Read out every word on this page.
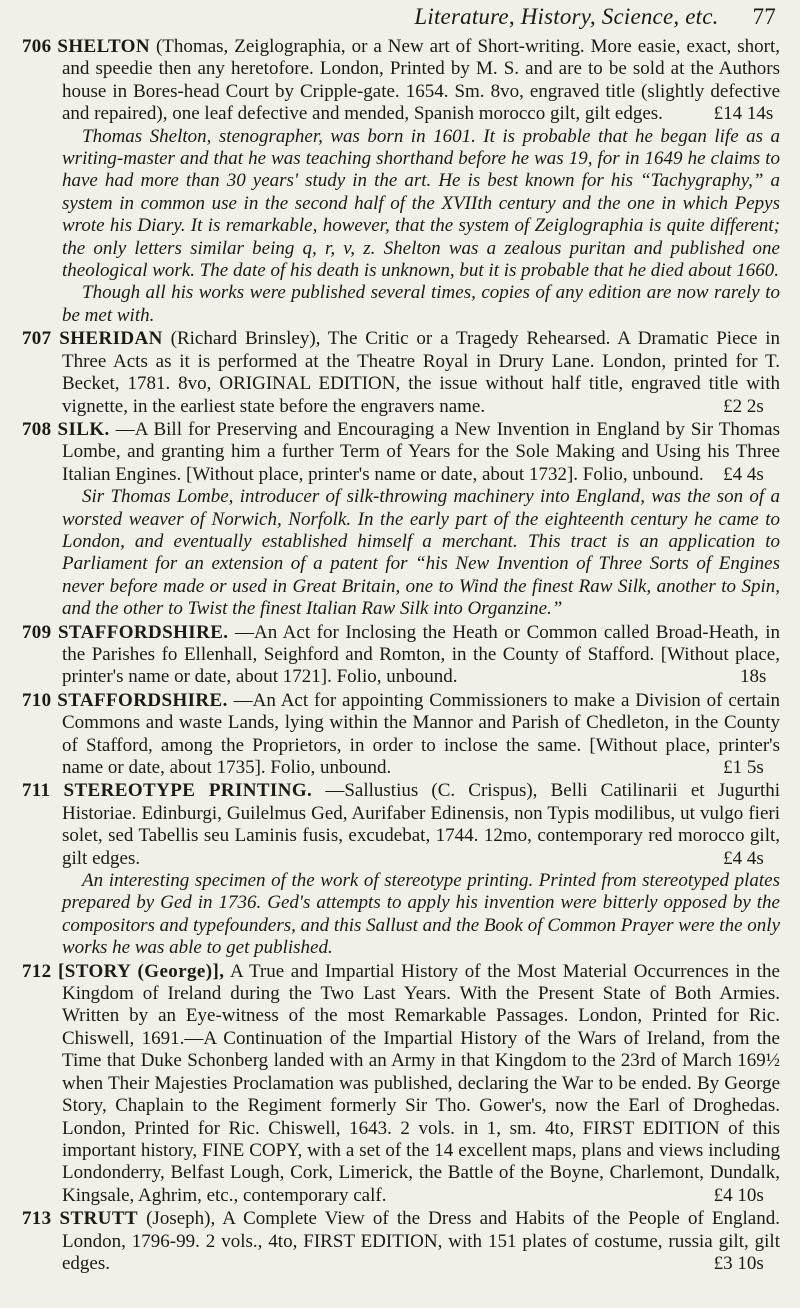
Literature, History, Science, etc. 77

706 SHELTON (Thomas, Zeiglographia, or a New art of Short-writing. More easie, exact, short, and speedie then any heretofore. London, Printed by M. S. and are to be sold at the Authors house in Bores-head Court by Cripple-gate. 1654. Sm. 8vo, engraved title (slightly defective and repaired), one leaf defective and mended, Spanish morocco gilt, gilt edges.	£14 14s

Thomas Shelton, stenographer, was born in 1601. It is probable that he began life as a writing-master and that he was teaching shorthand before he was 19, for in 1649 he claims to have had more than 30 years' study in the art. He is best known for his “Tachygraphy,” a system in common use in the second half of the XVIIth century and the one in which Pepys wrote his Diary. It is remarkable, however, that the system of Zeiglographia is quite different; the only letters similar being q, r, v, z. Shelton was a zealous puritan and published one theological work. The date of his death is unknown, but it is probable that he died about 1660.

Though all his works were published several times, copies of any edition are now rarely to be met with.

707 SHERIDAN (Richard Brinsley), The Critic or a Tragedy Rehearsed. A Dramatic Piece in Three Acts as it is performed at the Theatre Royal in Drury Lane. London, printed for T. Becket, 1781. 8vo, ORIGINAL EDITION, the issue without half title, engraved title with vignette, in the earliest state before the engravers name.	£2 2s

708 SILK. —A Bill for Preserving and Encouraging a New Invention in England by Sir Thomas Lombe, and granting him a further Term of Years for the Sole Making and Using his Three Italian Engines. [Without place, printer's name or date, about 1732]. Folio, unbound. £4 4s

Sir Thomas Lombe, introducer of silk-throwing machinery into England, was the son of a worsted weaver of Norwich, Norfolk. In the early part of the eighteenth century he came to London, and eventually established himself a merchant. This tract is an application to Parliament for an extension of a patent for “his New Invention of Three Sorts of Engines never before made or used in Great Britain, one to Wind the finest Raw Silk, another to Spin, and the other to Twist the finest Italian Raw Silk into Organzine.”

709 STAFFORDSHIRE. —An Act for Inclosing the Heath or Common called Broad-Heath, in the Parishes fo Ellenhall, Seighford and Romton, in the County of Stafford. [Without place, printer's name or date, about 1721]. Folio, unbound.	18s

710 STAFFORDSHIRE. —An Act for appointing Commissioners to make a Division of certain Commons and waste Lands, lying within the Mannor and Parish of Chedleton, in the County of Stafford, among the Proprietors, in order to inclose the same. [Without place, printer's name or date, about 1735]. Folio, unbound.	£1 5s

711 STEREOTYPE PRINTING. —Sallustius (C. Crispus), Belli Catilinarii et Jugurthi Historiae. Edinburgi, Guilelmus Ged, Aurifaber Edinensis, non Typis modilibus, ut vulgo fieri solet, sed Tabellis seu Laminis fusis, excudebat, 1744. 12mo, contemporary red morocco gilt, gilt edges.	£4 4s

An interesting specimen of the work of stereotype printing. Printed from stereotyped plates prepared by Ged in 1736. Ged's attempts to apply his invention were bitterly opposed by the compositors and typefounders, and this Sallust and the Book of Common Prayer were the only works he was able to get published.

712 [STORY (George)], A True and Impartial History of the Most Material Occurrences in the Kingdom of Ireland during the Two Last Years. With the Present State of Both Armies. Written by an Eye-witness of the most Remarkable Passages. London, Printed for Ric. Chiswell, 1691.—A Continuation of the Impartial History of the Wars of Ireland, from the Time that Duke Schonberg landed with an Army in that Kingdom to the 23rd of March 169½ when Their Majesties Proclamation was published, declaring the War to be ended. By George Story, Chaplain to the Regiment formerly Sir Tho. Gower's, now the Earl of Droghedas. London, Printed for Ric. Chiswell, 1643. 2 vols. in 1, sm. 4to, FIRST EDITION of this important history, FINE COPY, with a set of the 14 excellent maps, plans and views including Londonderry, Belfast Lough, Cork, Limerick, the Battle of the Boyne, Charlemont, Dundalk, Kingsale, Aghrim, etc., contemporary calf.	£4 10s

713 STRUTT (Joseph), A Complete View of the Dress and Habits of the People of England. London, 1796-99. 2 vols., 4to, FIRST EDITION, with 151 plates of costume, russia gilt, gilt edges.	£3 10s
